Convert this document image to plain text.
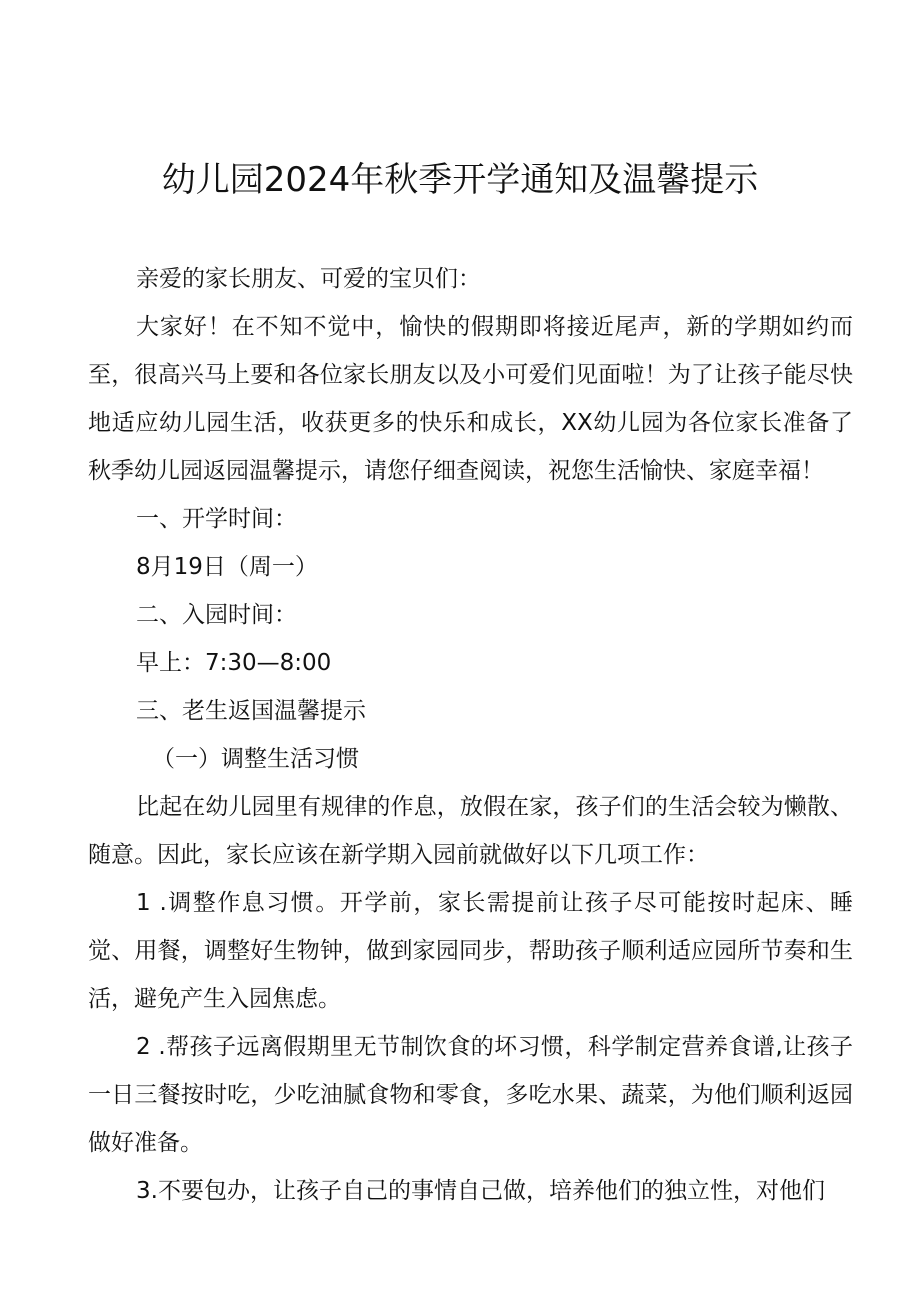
幼儿园2024年秋季开学通知及温馨提示

亲爱的家长朋友、可爱的宝贝们：

大家好！在不知不觉中，愉快的假期即将接近尾声，新的学期如约而至，很高兴马上要和各位家长朋友以及小可爱们见面啦！为了让孩子能尽快地适应幼儿园生活，收获更多的快乐和成长，XX幼儿园为各位家长准备了秋季幼儿园返园温馨提示，请您仔细查阅读，祝您生活愉快、家庭幸福！

一、开学时间：

8月19日（周一）

二、入园时间：

早上：7:30—8:00

三、老生返国温馨提示

（一）调整生活习惯

比起在幼儿园里有规律的作息，放假在家，孩子们的生活会较为懒散、随意。因此，家长应该在新学期入园前就做好以下几项工作：

1 .调整作息习惯。开学前，家长需提前让孩子尽可能按时起床、睡觉、用餐，调整好生物钟，做到家园同步，帮助孩子顺利适应园所节奏和生活，避免产生入园焦虑。

2 .帮孩子远离假期里无节制饮食的坏习惯，科学制定营养食谱,让孩子一日三餐按时吃，少吃油腻食物和零食，多吃水果、蔬菜，为他们顺利返园做好准备。

3.不要包办，让孩子自己的事情自己做，培养他们的独立性，对他们
